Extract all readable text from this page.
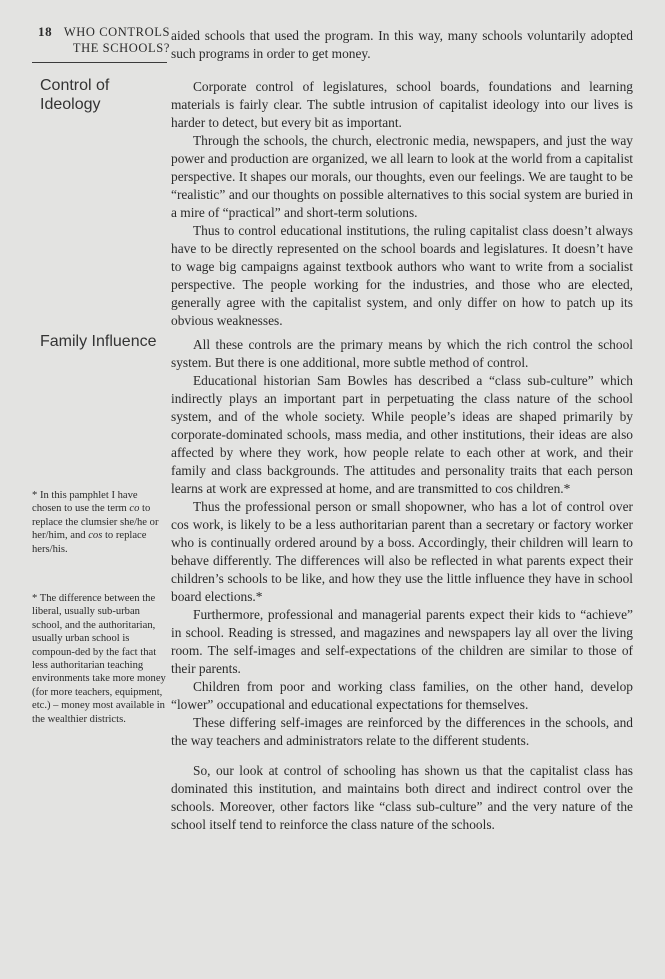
18 WHO CONTROLS
THE SCHOOLS?

aided schools that used the program. In this way, many schools voluntarily adopted such programs in order to get money.

Control of Ideology

Corporate control of legislatures, school boards, foundations and learning materials is fairly clear. The subtle intrusion of capitalist ideology into our lives is harder to detect, but every bit as important.

Through the schools, the church, electronic media, newspapers, and just the way power and production are organized, we all learn to look at the world from a capitalist perspective. It shapes our morals, our thoughts, even our feelings. We are taught to be “realistic” and our thoughts on possible alternatives to this social system are buried in a mire of “practical” and short-term solutions.

Thus to control educational institutions, the ruling capitalist class doesn’t always have to be directly represented on the school boards and legislatures. It doesn’t have to wage big campaigns against textbook authors who want to write from a socialist perspective. The people working for the industries, and those who are elected, generally agree with the capitalist system, and only differ on how to patch up its obvious weaknesses.

Family Influence	All these controls are the primary means by which the rich control the school system. But there is one additional, more subtle method of control.

Educational historian Sam Bowles has described a “class sub-culture” which indirectly plays an important part in perpetuating the class nature of the school system, and of the whole society. While people’s ideas are shaped primarily by corporate-dominated schools, mass media, and other institutions, their ideas are also affected by where they work, how people relate to each other at work, and their family and class backgrounds. The attitudes and personality traits that each person learns at work are expressed at home, and are transmitted to cos children.*

Thus the professional person or small shopowner, who has a lot of control over cos work, is likely to be a less authoritarian parent than a secretary or factory worker who is continually ordered around by a boss. Accordingly, their children will learn to behave differently. The differences will also be reflected in what parents expect their children’s schools to be like, and how they use the little influence they have in school board elections.*

Furthermore, professional and managerial parents expect their kids to “achieve” in school. Reading is stressed, and magazines and newspapers lay all over the living room. The self-images and self-expectations of the children are similar to those of their parents.

Children from poor and working class families, on the other hand, develop “lower” occupational and educational expectations for themselves.

These differing self-images are reinforced by the differences in the schools, and the way teachers and administrators relate to the different students.

So, our look at control of schooling has shown us that the capitalist class has dominated this institution, and maintains both direct and indirect control over the schools. Moreover, other factors like “class sub-culture” and the very nature of the school itself tend to reinforce the class nature of the schools.

* In this pamphlet I have chosen to use the term co to replace the clumsier she/he or her/him, and cos to replace hers/his.

* The difference between the liberal, usually sub-urban school, and the authoritarian, usually urban school is compoun-ded by the fact that less authoritarian teaching environments take more money (for more teachers, equipment, etc.) – money most available in the wealthier districts.
